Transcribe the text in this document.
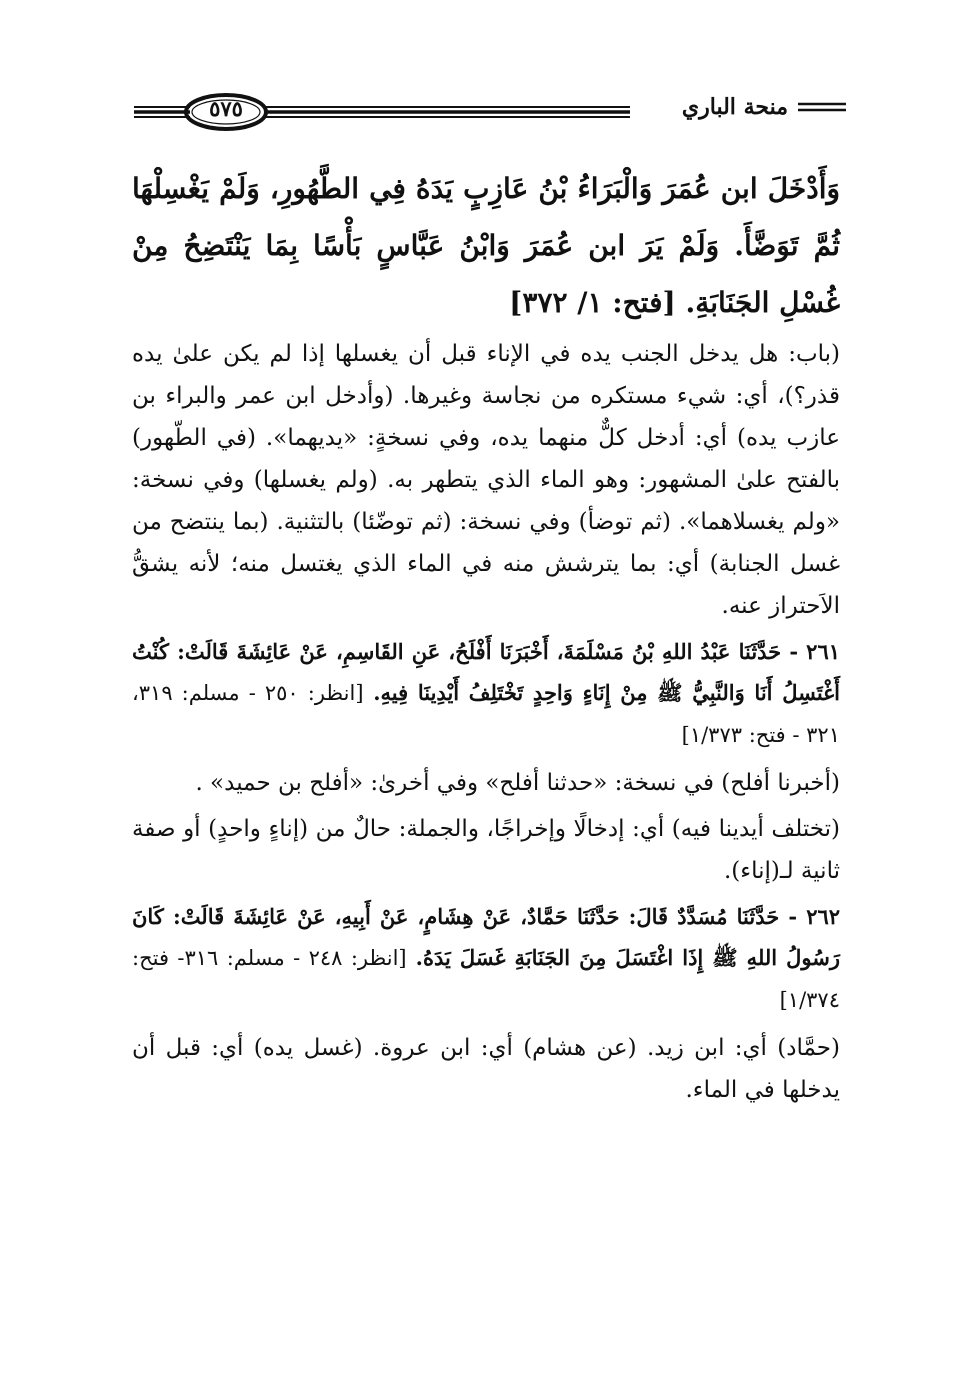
٥٧٥	منحة الباري

وَأَدْخَلَ ابن عُمَرَ وَالْبَرَاءُ بْنُ عَازِبٍ يَدَهُ فِي الطَّهُورِ، وَلَمْ يَغْسِلْهَا ثُمَّ تَوَضَّأَ. وَلَمْ يَرَ ابن عُمَرَ وَابْنُ عَبَّاسٍ بَأْسًا بِمَا يَنْتَضِحُ مِنْ غُسْلِ الجَنَابَةِ. [فتح: ١/ ٣٧٢]

(باب: هل يدخل الجنب يده في الإناء قبل أن يغسلها إذا لم يكن علىٰ يده قذر؟)، أي: شيء مستكره من نجاسة وغيرها. (وأدخل ابن عمر والبراء بن عازب يده) أي: أدخل كلٌّ منهما يده، وفي نسخةٍ: «يديهما». (في الطّهور) بالفتح علىٰ المشهور: وهو الماء الذي يتطهر به. (ولم يغسلها) وفي نسخة: «ولم يغسلاهما». (ثم توضأ) وفي نسخة: (ثم توضّئا) بالتثنية. (بما ينتضح من غسل الجنابة) أي: بما يترشش منه في الماء الذي يغتسل منه؛ لأنه يشقُّ الاَحتراز عنه.

٢٦١ - حَدَّثَنَا عَبْدُ اللهِ بْنُ مَسْلَمَةَ، أَخْبَرَنَا أَفْلَحُ، عَنِ القَاسِمِ، عَنْ عَائِشَةَ قَالَتْ: كُنْتُ أَغْتَسِلُ أَنَا وَالنَّبِيُّ ﷺ مِنْ إِنَاءٍ وَاحِدٍ تَخْتَلِفُ أَيْدِينَا فِيهِ. [انظر: ٢٥٠ - مسلم: ٣١٩، ٣٢١ - فتح: ١/٣٧٣]

(أخبرنا أفلح) في نسخة: «حدثنا أفلح» وفي أخرىٰ: «أفلح بن حميد» .

(تختلف أيدينا فيه) أي: إدخالًا وإخراجًا، والجملة: حالٌ من (إناءٍ واحدٍ) أو صفة ثانية لـ(إناء).

٢٦٢ - حَدَّثَنَا مُسَدَّدٌ قَالَ: حَدَّثَنَا حَمَّادٌ، عَنْ هِشَامٍ، عَنْ أَبِيهِ، عَنْ عَائِشَةَ قَالَتْ: كَانَ رَسُولُ اللهِ ﷺ إِذَا اغْتَسَلَ مِنَ الجَنَابَةِ غَسَلَ يَدَهُ. [انظر: ٢٤٨ - مسلم: ٣١٦- فتح: ١/٣٧٤]

(حمَّاد) أي: ابن زيد. (عن هشام) أي: ابن عروة. (غسل يده) أي: قبل أن يدخلها في الماء.
